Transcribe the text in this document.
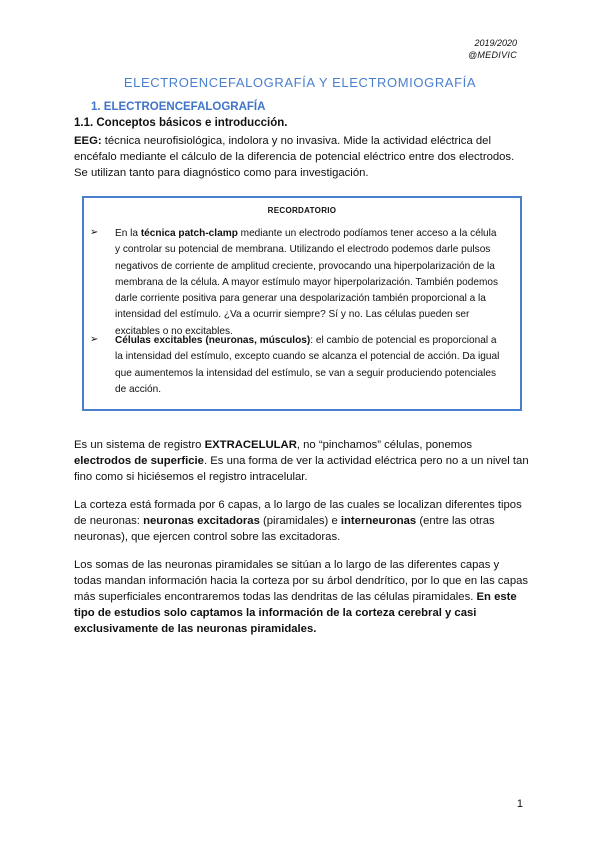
2019/2020
@MEDIVIC
ELECTROENCEFALOGRAFÍA Y ELECTROMIOGRAFÍA
1. ELECTROENCEFALOGRAFÍA
1.1. Conceptos básicos e introducción.
EEG: técnica neurofisiológica, indolora y no invasiva. Mide la actividad eléctrica del encéfalo mediante el cálculo de la diferencia de potencial eléctrico entre dos electrodos. Se utilizan tanto para diagnóstico como para investigación.
RECORDATORIO
➢ En la técnica patch-clamp mediante un electrodo podíamos tener acceso a la célula y controlar su potencial de membrana. Utilizando el electrodo podemos darle pulsos negativos de corriente de amplitud creciente, provocando una hiperpolarización de la membrana de la célula. A mayor estímulo mayor hiperpolarización. También podemos darle corriente positiva para generar una despolarización también proporcional a la intensidad del estímulo. ¿Va a ocurrir siempre? Sí y no. Las células pueden ser excitables o no excitables.
➢ Células excitables (neuronas, músculos): el cambio de potencial es proporcional a la intensidad del estímulo, excepto cuando se alcanza el potencial de acción. Da igual que aumentemos la intensidad del estímulo, se van a seguir produciendo potenciales de acción.
Es un sistema de registro EXTRACELULAR, no “pinchamos” células, ponemos electrodos de superficie. Es una forma de ver la actividad eléctrica pero no a un nivel tan fino como si hiciésemos el registro intracelular.
La corteza está formada por 6 capas, a lo largo de las cuales se localizan diferentes tipos de neuronas: neuronas excitadoras (piramidales) e interneuronas (entre las otras neuronas), que ejercen control sobre las excitadoras.
Los somas de las neuronas piramidales se sitúan a lo largo de las diferentes capas y todas mandan información hacia la corteza por su árbol dendrítico, por lo que en las capas más superficiales encontraremos todas las dendritas de las células piramidales. En este tipo de estudios solo captamos la información de la corteza cerebral y casi exclusivamente de las neuronas piramidales.
1
